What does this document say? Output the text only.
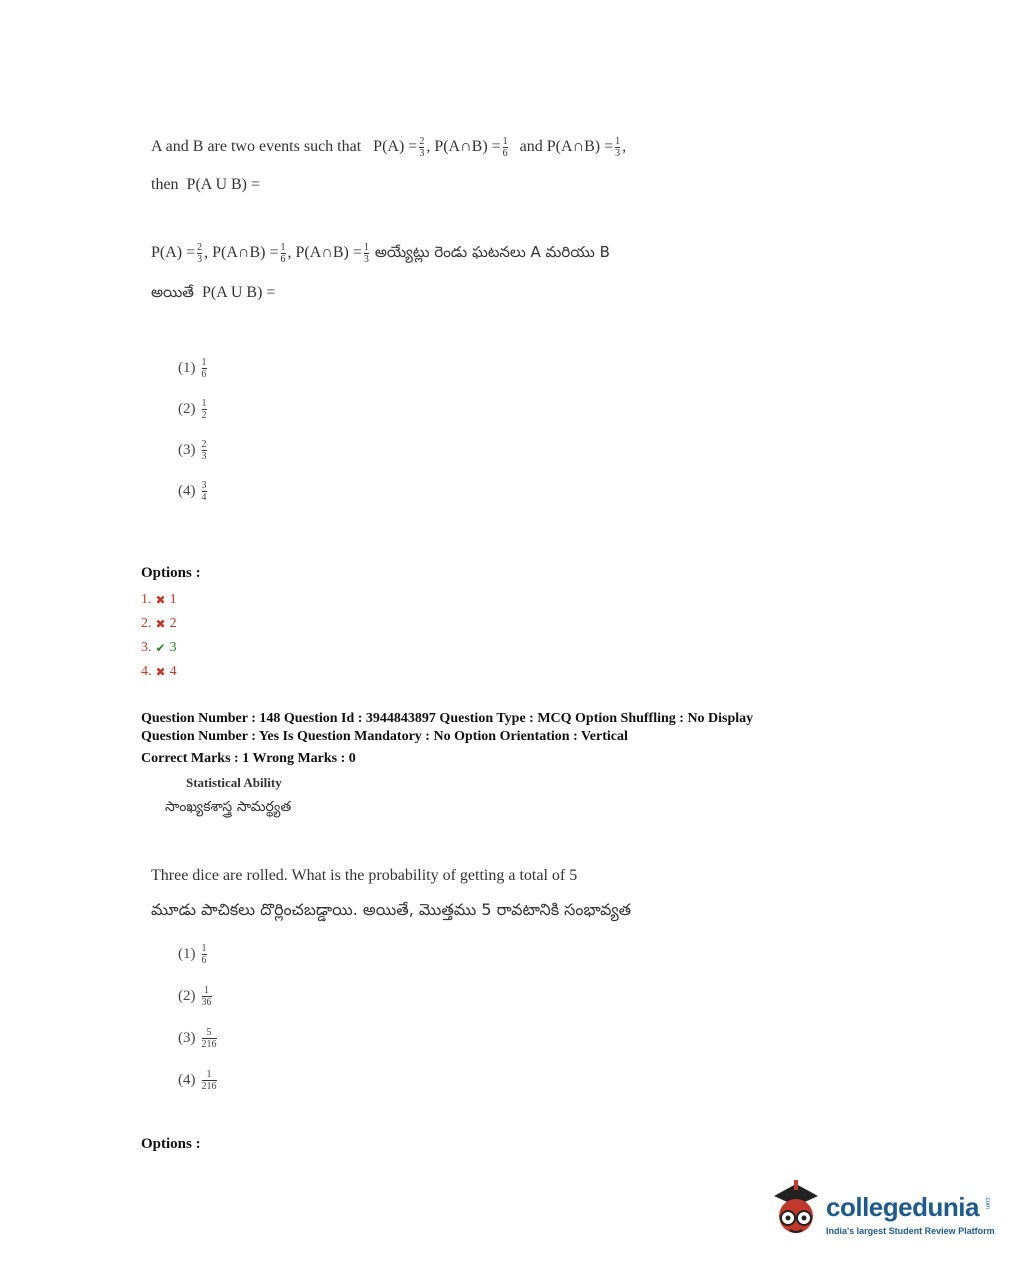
A and B are two events such that $P(A) = \frac{2}{3}$ , P(A∩B) = $\frac{1}{6}$ and P(A∩B) = $\frac{1}{3}$ ,
then P(A U B) =
$P(A) = \frac{2}{3}$ , P(A∩B) = $\frac{1}{6}$ , P(A∩B) = $\frac{1}{3}$ అయ్యేట్లు రెండు ఘటనలు A మరియు B
అయితే P(A U B) =
$(1) \frac{1}{6}$
$(2) \frac{1}{2}$
$(3) \frac{2}{3}$
$(4) \frac{3}{4}$
Options :
1. ✖ 1
2. ✖ 2
3. ✔ 3
4. ✖ 4
Question Number : 148 Question Id : 3944843897 Question Type : MCQ Option Shuffling : No Display
Question Number : Yes Is Question Mandatory : No Option Orientation : Vertical
Correct Marks : 1 Wrong Marks : 0
Statistical Ability
సాంఖ్యకశాస్త్ర సామర్థ్యత
Three dice are rolled. What is the probability of getting a total of 5
మూడు పాచికలు దొర్లించబడ్డాయి. అయితే, మొత్తము 5 రావటానికి సంభావ్యత
$(1) \frac{1}{6}$
$(2) \frac{1}{36}$
$(3) \frac{5}{216}$
$(4) \frac{1}{216}$
Options :
collegedunia .com
India's largest Student Review Platform
